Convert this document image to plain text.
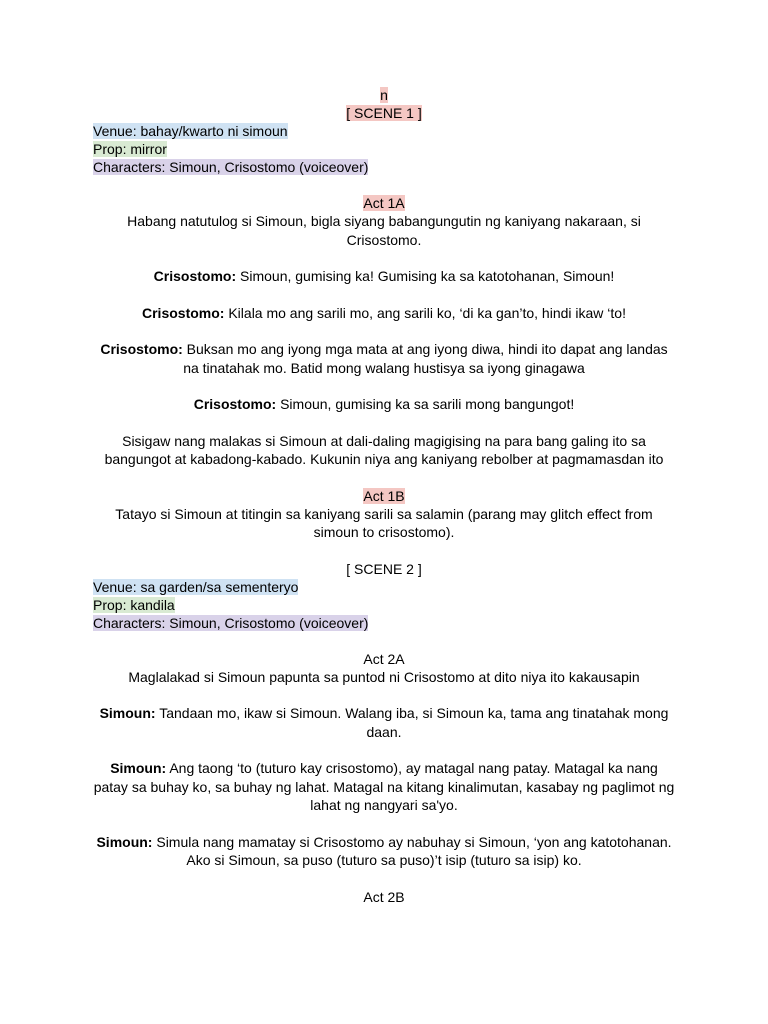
n

[ SCENE 1 ]

Venue: bahay/kwarto ni simoun

Prop: mirror

Characters: Simoun, Crisostomo (voiceover)

Act 1A

Habang natutulog si Simoun, bigla siyang babangungutin ng kaniyang nakaraan, si Crisostomo.

Crisostomo: Simoun, gumising ka! Gumising ka sa katotohanan, Simoun!

Crisostomo: Kilala mo ang sarili mo, ang sarili ko, ‘di ka gan’to, hindi ikaw ‘to!

Crisostomo: Buksan mo ang iyong mga mata at ang iyong diwa, hindi ito dapat ang landas na tinatahak mo. Batid mong walang hustisya sa iyong ginagawa

Crisostomo: Simoun, gumising ka sa sarili mong bangungot!

Sisigaw nang malakas si Simoun at dali-daling magigising na para bang galing ito sa bangungot at kabadong-kabado. Kukunin niya ang kaniyang rebolber at pagmamasdan ito

Act 1B

Tatayo si Simoun at titingin sa kaniyang sarili sa salamin (parang may glitch effect from simoun to crisostomo).

[ SCENE 2 ]

Venue: sa garden/sa sementeryo

Prop: kandila

Characters: Simoun, Crisostomo (voiceover)

Act 2A

Maglalakad si Simoun papunta sa puntod ni Crisostomo at dito niya ito kakausapin

Simoun: Tandaan mo, ikaw si Simoun. Walang iba, si Simoun ka, tama ang tinatahak mong daan.

Simoun: Ang taong ‘to (tuturo kay crisostomo), ay matagal nang patay. Matagal ka nang patay sa buhay ko, sa buhay ng lahat. Matagal na kitang kinalimutan, kasabay ng paglimot ng lahat ng nangyari sa'yo.

Simoun: Simula nang mamatay si Crisostomo ay nabuhay si Simoun, ‘yon ang katotohanan. Ako si Simoun, sa puso (tuturo sa puso)’t isip (tuturo sa isip) ko.

Act 2B
